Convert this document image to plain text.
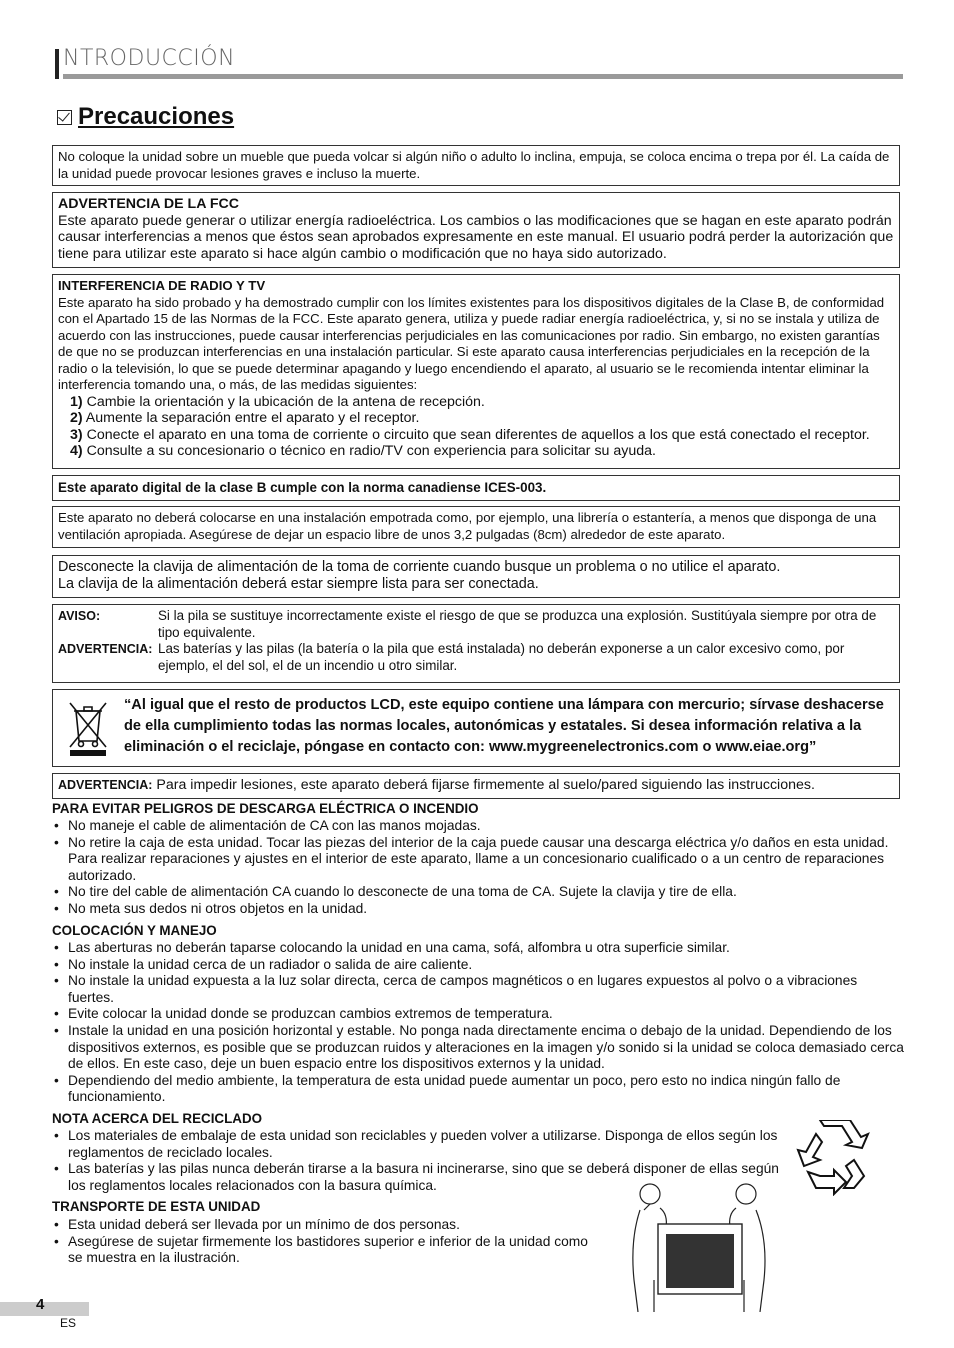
NTRODUCCIÓN
Precauciones
No coloque la unidad sobre un mueble que pueda volcar si algún niño o adulto lo inclina, empuja, se coloca encima o trepa por él. La caída de la unidad puede provocar lesiones graves e incluso la muerte.
ADVERTENCIA DE LA FCC
Este aparato puede generar o utilizar energía radioeléctrica. Los cambios o las modificaciones que se hagan en este aparato podrán causar interferencias a menos que éstos sean aprobados expresamente en este manual. El usuario podrá perder la autorización que tiene para utilizar este aparato si hace algún cambio o modificación que no haya sido autorizado.
INTERFERENCIA DE RADIO Y TV
Este aparato ha sido probado y ha demostrado cumplir con los límites existentes para los dispositivos digitales de la Clase B, de conformidad con el Apartado 15 de las Normas de la FCC. Este aparato genera, utiliza y puede radiar energía radioeléctrica, y, si no se instala y utiliza de acuerdo con las instrucciones, puede causar interferencias perjudiciales en las comunicaciones por radio. Sin embargo, no existen garantías de que no se produzcan interferencias en una instalación particular. Si este aparato causa interferencias perjudiciales en la recepción de la radio o la televisión, lo que se puede determinar apagando y luego encendiendo el aparato, al usuario se le recomienda intentar eliminar la interferencia tomando una, o más, de las medidas siguientes:
1) Cambie la orientación y la ubicación de la antena de recepción.
2) Aumente la separación entre el aparato y el receptor.
3) Conecte el aparato en una toma de corriente o circuito que sean diferentes de aquellos a los que está conectado el receptor.
4) Consulte a su concesionario o técnico en radio/TV con experiencia para solicitar su ayuda.
Este aparato digital de la clase B cumple con la norma canadiense ICES-003.
Este aparato no deberá colocarse en una instalación empotrada como, por ejemplo, una librería o estantería, a menos que disponga de una ventilación apropiada. Asegúrese de dejar un espacio libre de unos 3,2 pulgadas (8cm) alrededor de este aparato.
Desconecte la clavija de alimentación de la toma de corriente cuando busque un problema o no utilice el aparato.
La clavija de la alimentación deberá estar siempre lista para ser conectada.
AVISO:	Si la pila se sustituye incorrectamente existe el riesgo de que se produzca una explosión. Sustitúyala siempre por otra de tipo equivalente.
ADVERTENCIA: Las baterías y las pilas (la batería o la pila que está instalada) no deberán exponerse a un calor excesivo como, por ejemplo, el del sol, el de un incendio u otro similar.
“Al igual que el resto de productos LCD, este equipo contiene una lámpara con mercurio; sírvase deshacerse de ella cumplimiento todas las normas locales, autonómicas y estatales. Si desea información relativa a la eliminación o el reciclaje, póngase en contacto con: www.mygreenelectronics.com o www.eiae.org”
ADVERTENCIA: Para impedir lesiones, este aparato deberá fijarse firmemente al suelo/pared siguiendo las instrucciones.
PARA EVITAR PELIGROS DE DESCARGA ELÉCTRICA O INCENDIO
• No maneje el cable de alimentación de CA con las manos mojadas.
• No retire la caja de esta unidad. Tocar las piezas del interior de la caja puede causar una descarga eléctrica y/o daños en esta unidad. Para realizar reparaciones y ajustes en el interior de este aparato, llame a un concesionario cualificado o a un centro de reparaciones autorizado.
• No tire del cable de alimentación CA cuando lo desconecte de una toma de CA. Sujete la clavija y tire de ella.
• No meta sus dedos ni otros objetos en la unidad.
COLOCACIÓN Y MANEJO
• Las aberturas no deberán taparse colocando la unidad en una cama, sofá, alfombra u otra superficie similar.
• No instale la unidad cerca de un radiador o salida de aire caliente.
• No instale la unidad expuesta a la luz solar directa, cerca de campos magnéticos o en lugares expuestos al polvo o a vibraciones fuertes.
• Evite colocar la unidad donde se produzcan cambios extremos de temperatura.
• Instale la unidad en una posición horizontal y estable. No ponga nada directamente encima o debajo de la unidad. Dependiendo de los dispositivos externos, es posible que se produzcan ruidos y alteraciones en la imagen y/o sonido si la unidad se coloca demasiado cerca de ellos. En este caso, deje un buen espacio entre los dispositivos externos y la unidad.
• Dependiendo del medio ambiente, la temperatura de esta unidad puede aumentar un poco, pero esto no indica ningún fallo de funcionamiento.
NOTA ACERCA DEL RECICLADO
• Los materiales de embalaje de esta unidad son reciclables y pueden volver a utilizarse. Disponga de ellos según los reglamentos de reciclado locales.
• Las baterías y las pilas nunca deberán tirarse a la basura ni incinerarse, sino que se deberá disponer de ellas según los reglamentos locales relacionados con la basura química.
TRANSPORTE DE ESTA UNIDAD
• Esta unidad deberá ser llevada por un mínimo de dos personas.
• Asegúrese de sujetar firmemente los bastidores superior e inferior de la unidad como se muestra en la ilustración.
4
ES
